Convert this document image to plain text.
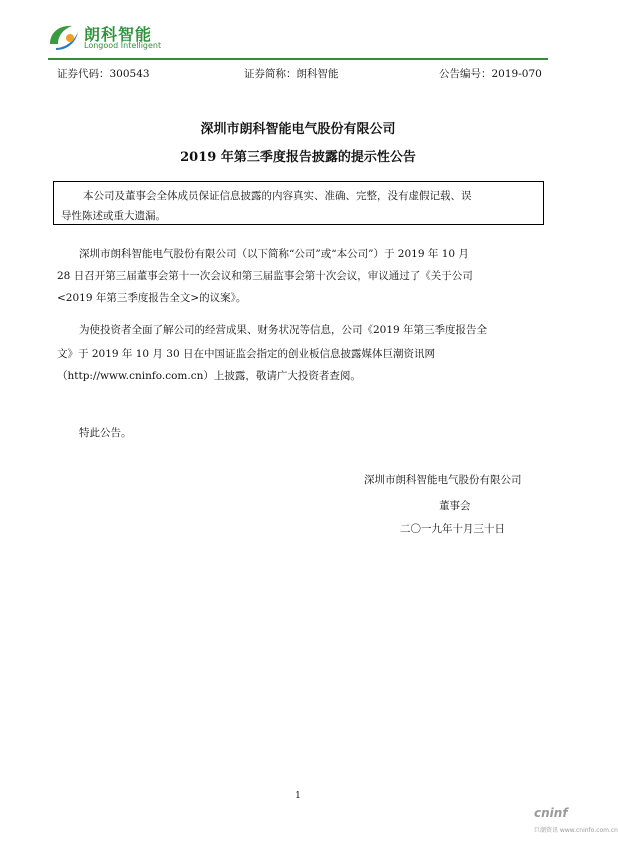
朗科智能
Longood Intelligent
证券代码：300543	证券简称：朗科智能	公告编号：2019-070
深圳市朗科智能电气股份有限公司
2019 年第三季度报告披露的提示性公告
本公司及董事会全体成员保证信息披露的内容真实、准确、完整，没有虚假记载、误
导性陈述或重大遗漏。
深圳市朗科智能电气股份有限公司（以下简称“公司”或“本公司”）于 2019 年 10 月
28 日召开第三届董事会第十一次会议和第三届监事会第十次会议，审议通过了《关于公司
<2019 年第三季度报告全文>的议案》。
为使投资者全面了解公司的经营成果、财务状况等信息，公司《2019 年第三季度报告全
文》于 2019 年 10 月 30 日在中国证监会指定的创业板信息披露媒体巨潮资讯网
（http://www.cninfo.com.cn）上披露，敬请广大投资者查阅。
特此公告。
深圳市朗科智能电气股份有限公司
董事会
二〇一九年十月三十日
1
cninf
巨潮资讯 www.cninfo.com.cn
